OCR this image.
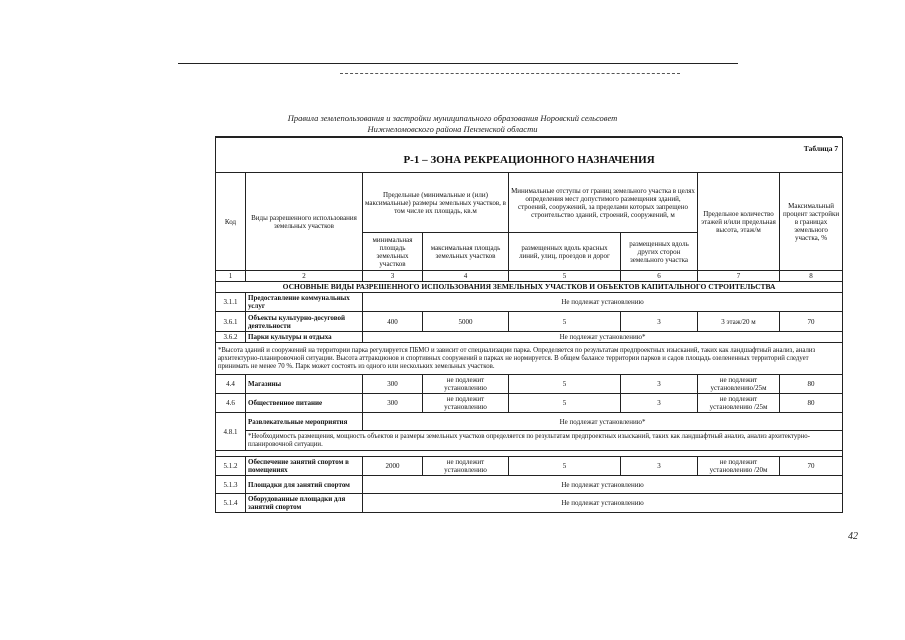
Правила землепользования и застройки муниципального образования Норовский сельсовет
Нижнеломовского района Пензенской области
Таблица 7
Р-1 – ЗОНА РЕКРЕАЦИОННОГО НАЗНАЧЕНИЯ							
Код	Виды разрешенного использования земельных участков	Предельные (минимальные и (или) максимальные) размеры земельных участков, в том числе их площадь, кв.м		Минимальные отступы от границ земельного участка в целях определения мест допустимого размещения зданий, строений, сооружений, за пределами которых запрещено строительство зданий, строений, сооружений, м		Предельное количество этажей и/или предельная высота, этаж/м	Максимальный процент застройки в границах земельного участка, %
		минимальная площадь земельных участков	максимальная площадь земельных участков	размещенных вдоль красных линий, улиц, проездов и дорог	размещенных вдоль других сторон земельного участка		
1	2	3	4	5	6	7	8
ОСНОВНЫЕ ВИДЫ РАЗРЕШЕННОГО ИСПОЛЬЗОВАНИЯ ЗЕМЕЛЬНЫХ УЧАСТКОВ И ОБЪЕКТОВ КАПИТАЛЬНОГО СТРОИТЕЛЬСТВА							
3.1.1	Предоставление коммунальных услуг	Не подлежат установлению					
3.6.1	Объекты культурно-досуговой деятельности	400	5000	5	3	3 этаж/20 м	70
3.6.2	Парки культуры и отдыха	Не подлежат установлению*					
*Высота зданий и сооружений на территории парка регулируется ПБМО и зависит от специализации парка. Определяется по результатам предпроектных изысканий, таких как ландшафтный анализ, анализ архитектурно-планировочной ситуации. Высота аттракционов и спортивных сооружений в парках не нормируется. В общем балансе территории парков и садов площадь озелененных территорий следует принимать не менее 70 %. Парк может состоять из одного или нескольких земельных участков.							
4.4	Магазины	300	не подлежит установлению	5	3	не подлежит установлению/25м	80
4.6	Общественное питание	300	не подлежит установлению	5	3	не подлежит установлению /25м	80
4.8.1	Развлекательные мероприятия	Не подлежат установлению*					
	*Необходимость размещения, мощность объектов и размеры земельных участков определяется по результатам предпроектных изысканий, таких как ландшафтный анализ, анализ архитектурно-планировочной ситуации.						

5.1.2	Обеспечение занятий спортом в помещениях	2000	не подлежит установлению	5	3	не подлежит установлению /20м	70
5.1.3	Площадки для занятий спортом	Не подлежат установлению					
5.1.4	Оборудованные площадки для занятий спортом	Не подлежат установлению					
42
